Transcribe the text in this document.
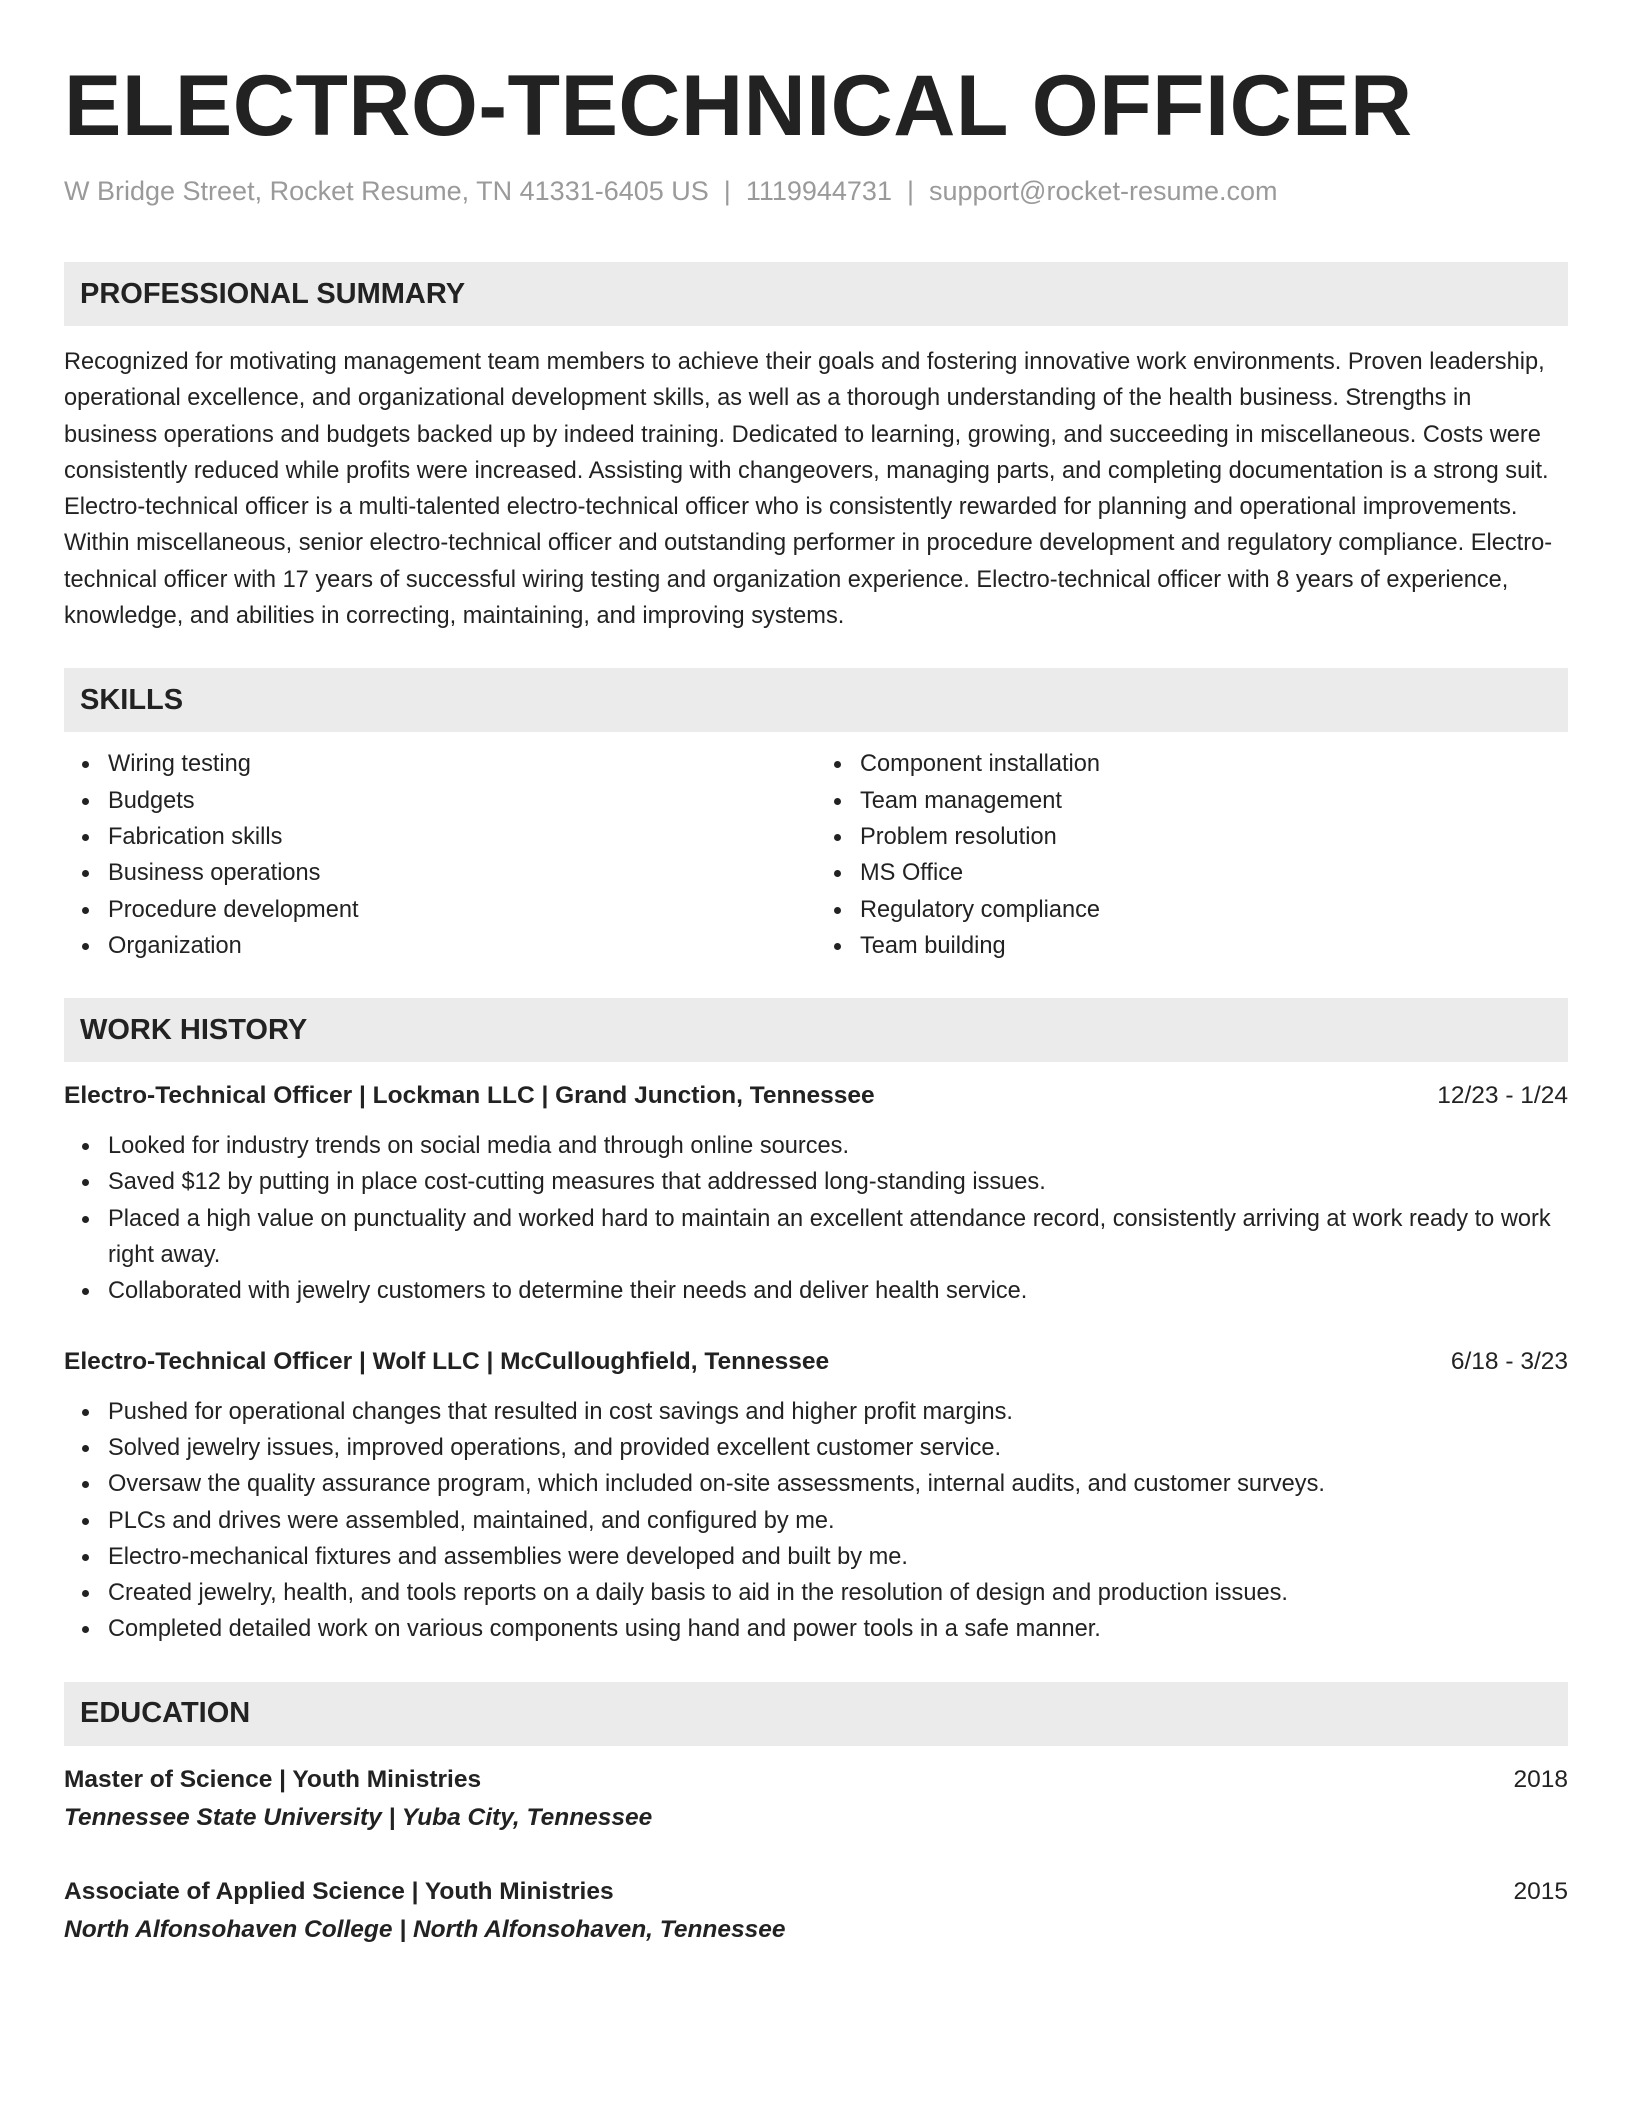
ELECTRO-TECHNICAL OFFICER
W Bridge Street, Rocket Resume, TN 41331-6405 US | 1119944731 | support@rocket-resume.com
PROFESSIONAL SUMMARY

Recognized for motivating management team members to achieve their goals and fostering innovative work environments. Proven leadership, operational excellence, and organizational development skills, as well as a thorough understanding of the health business. Strengths in business operations and budgets backed up by indeed training. Dedicated to learning, growing, and succeeding in miscellaneous. Costs were consistently reduced while profits were increased. Assisting with changeovers, managing parts, and completing documentation is a strong suit. Electro-technical officer is a multi-talented electro-technical officer who is consistently rewarded for planning and operational improvements. Within miscellaneous, senior electro-technical officer and outstanding performer in procedure development and regulatory compliance. Electro-technical officer with 17 years of successful wiring testing and organization experience. Electro-technical officer with 8 years of experience, knowledge, and abilities in correcting, maintaining, and improving systems.

SKILLS
Wiring testing
Budgets
Fabrication skills
Business operations
Procedure development
Organization
Component installation
Team management
Problem resolution
MS Office
Regulatory compliance
Team building
WORK HISTORY
Electro-Technical Officer | Lockman LLC | Grand Junction, Tennessee	12/23 - 1/24
Looked for industry trends on social media and through online sources.
Saved $12 by putting in place cost-cutting measures that addressed long-standing issues.
Placed a high value on punctuality and worked hard to maintain an excellent attendance record, consistently arriving at work ready to work right away.
Collaborated with jewelry customers to determine their needs and deliver health service.
Electro-Technical Officer | Wolf LLC | McCulloughfield, Tennessee	6/18 - 3/23
Pushed for operational changes that resulted in cost savings and higher profit margins.
Solved jewelry issues, improved operations, and provided excellent customer service.
Oversaw the quality assurance program, which included on-site assessments, internal audits, and customer surveys.
PLCs and drives were assembled, maintained, and configured by me.
Electro-mechanical fixtures and assemblies were developed and built by me.
Created jewelry, health, and tools reports on a daily basis to aid in the resolution of design and production issues.
Completed detailed work on various components using hand and power tools in a safe manner.
EDUCATION
Master of Science | Youth Ministries	2018
Tennessee State University | Yuba City, Tennessee
Associate of Applied Science | Youth Ministries	2015
North Alfonsohaven College | North Alfonsohaven, Tennessee
